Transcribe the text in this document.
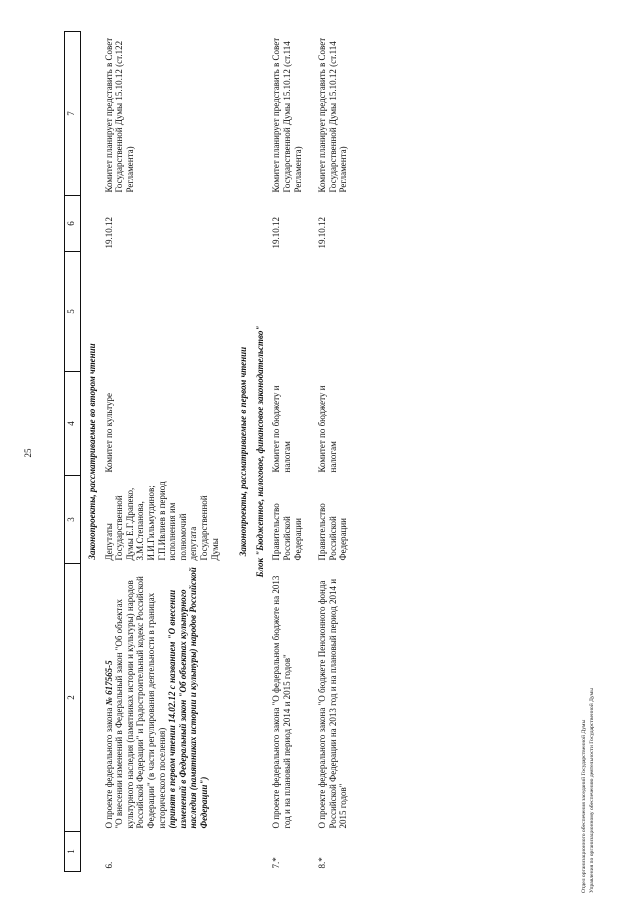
25
1	2	3	4	5	6	7
Законопроекты, рассматриваемые во втором чтении						
6.	О проекте федерального закона № 617565-5
"О внесении изменений в Федеральный закон "Об объектах культурного наследия (памятниках истории и культуры) народов Российской Федерации" и Градостроительный кодекс Российской Федерации" (в части регулирования деятельности в границах исторического поселения)
(принят в первом чтении 14.02.12 с названием "О внесении изменений в Федеральный закон "Об объектах культурного наследия (памятниках истории и культуры) народов Российской Федерации")	Депутаты Государственной Думы Е.Г.Драпеко, З.М.Степанова, И.И.Гильмутдинов; Г.П.Ивлиев в период исполнения им полномочий депутата Государственной Думы	Комитет по культуре		19.10.12	Комитет планирует представить в Совет Государственной Думы 15.10.12 (ст.122 Регламента)

Законопроекты, рассматриваемые в первом чтении						
Блок "Бюджетное, налоговое, финансовое законодательство"						
7.*	О проекте федерального закона "О федеральном бюджете на 2013 год и на плановый период 2014 и 2015 годов"	Правительство Российской Федерации	Комитет по бюджету и налогам		19.10.12	Комитет планирует представить в Совет Государственной Думы 15.10.12 (ст.114 Регламента)

8.*	О проекте федерального закона "О бюджете Пенсионного фонда Российской Федерации на 2013 год и на плановый период 2014 и 2015 годов"	Правительство Российской Федерации	Комитет по бюджету и налогам		19.10.12	Комитет планирует представить в Совет Государственной Думы 15.10.12 (ст.114 Регламента)
Отдел организационного обеспечения заседаний Государственной Думы Управления по организационному обеспечению деятельности Государственной Думы
